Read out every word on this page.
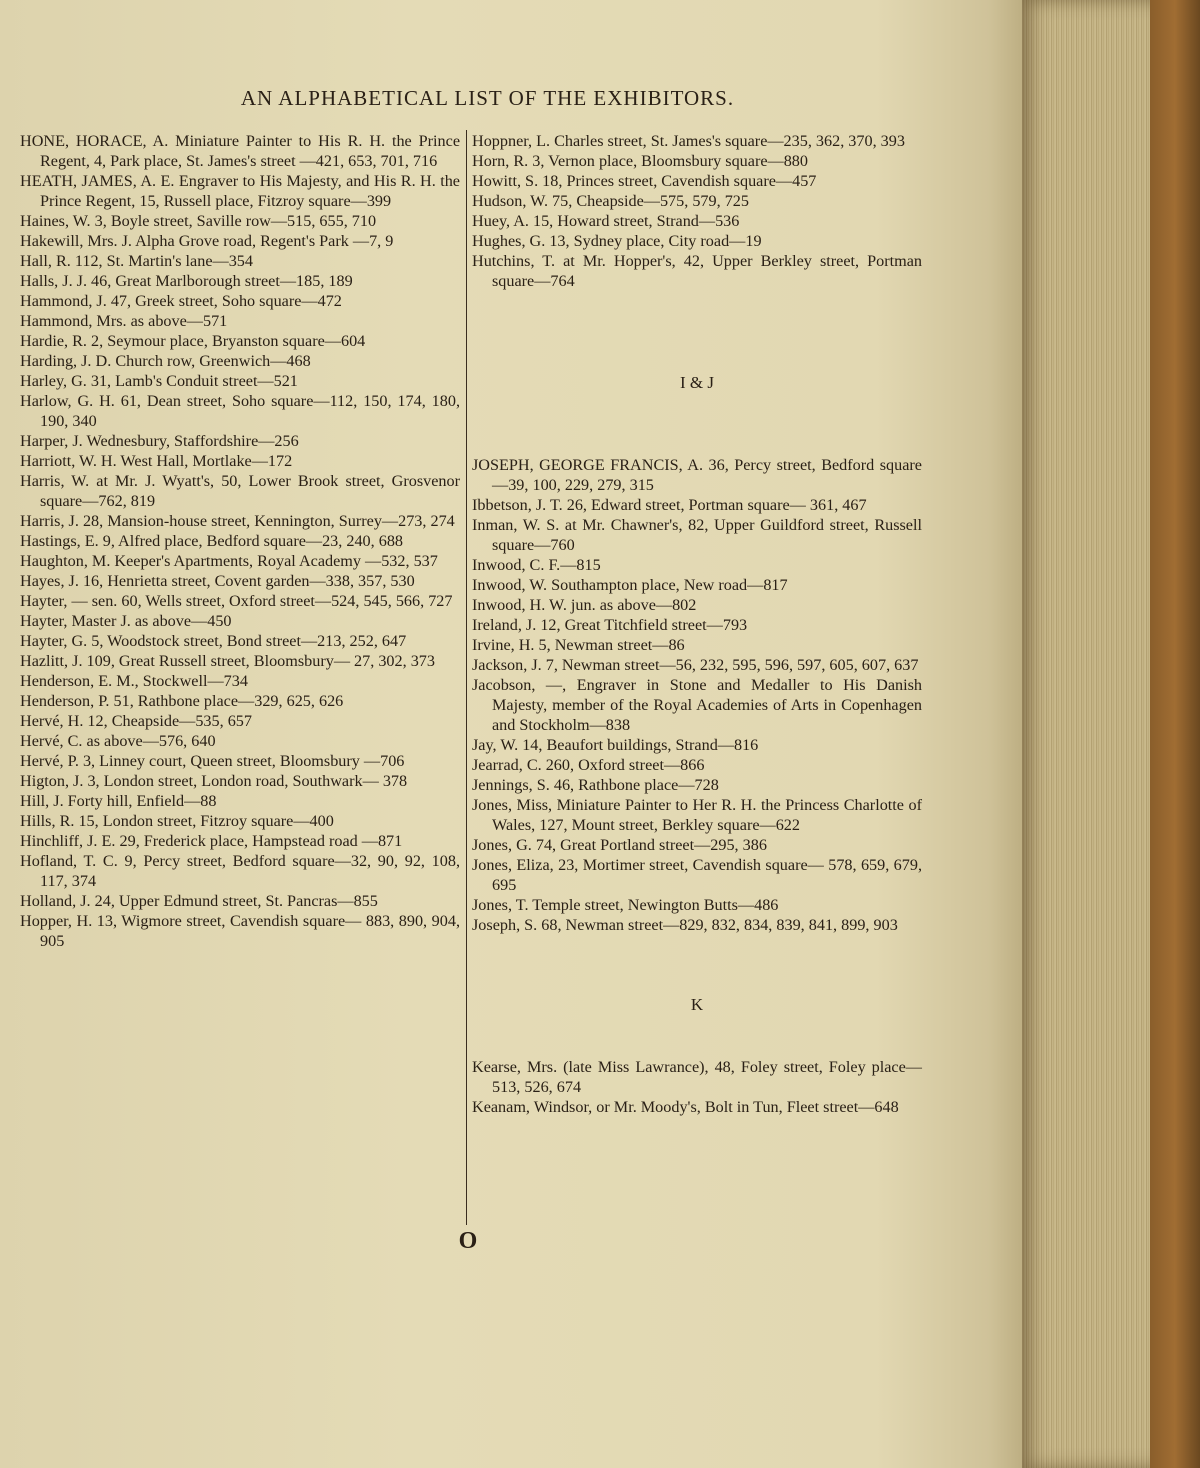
AN ALPHABETICAL LIST OF THE EXHIBITORS.

HONE, HORACE, A. Miniature Painter to His R. H. the Prince Regent, 4, Park place, St. James's street —421, 653, 701, 716

HEATH, JAMES, A. E. Engraver to His Majesty, and His R. H. the Prince Regent, 15, Russell place, Fitzroy square—399

Haines, W. 3, Boyle street, Saville row—515, 655, 710

Hakewill, Mrs. J. Alpha Grove road, Regent's Park —7, 9

Hall, R. 112, St. Martin's lane—354

Halls, J. J. 46, Great Marlborough street—185, 189

Hammond, J. 47, Greek street, Soho square—472

Hammond, Mrs. as above—571

Hardie, R. 2, Seymour place, Bryanston square—604

Harding, J. D. Church row, Greenwich—468

Harley, G. 31, Lamb's Conduit street—521

Harlow, G. H. 61, Dean street, Soho square—112, 150, 174, 180, 190, 340

Harper, J. Wednesbury, Staffordshire—256

Harriott, W. H. West Hall, Mortlake—172

Harris, W. at Mr. J. Wyatt's, 50, Lower Brook street, Grosvenor square—762, 819

Harris, J. 28, Mansion-house street, Kennington, Surrey—273, 274

Hastings, E. 9, Alfred place, Bedford square—23, 240, 688

Haughton, M. Keeper's Apartments, Royal Academy —532, 537

Hayes, J. 16, Henrietta street, Covent garden—338, 357, 530

Hayter, — sen. 60, Wells street, Oxford street—524, 545, 566, 727

Hayter, Master J. as above—450

Hayter, G. 5, Woodstock street, Bond street—213, 252, 647

Hazlitt, J. 109, Great Russell street, Bloomsbury— 27, 302, 373

Henderson, E. M., Stockwell—734

Henderson, P. 51, Rathbone place—329, 625, 626

Hervé, H. 12, Cheapside—535, 657

Hervé, C. as above—576, 640

Hervé, P. 3, Linney court, Queen street, Bloomsbury —706

Higton, J. 3, London street, London road, Southwark— 378

Hill, J. Forty hill, Enfield—88

Hills, R. 15, London street, Fitzroy square—400

Hinchliff, J. E. 29, Frederick place, Hampstead road —871

Hofland, T. C. 9, Percy street, Bedford square—32, 90, 92, 108, 117, 374

Holland, J. 24, Upper Edmund street, St. Pancras—855

Hopper, H. 13, Wigmore street, Cavendish square— 883, 890, 904, 905

Hoppner, L. Charles street, St. James's square—235, 362, 370, 393

Horn, R. 3, Vernon place, Bloomsbury square—880

Howitt, S. 18, Princes street, Cavendish square—457

Hudson, W. 75, Cheapside—575, 579, 725

Huey, A. 15, Howard street, Strand—536

Hughes, G. 13, Sydney place, City road—19

Hutchins, T. at Mr. Hopper's, 42, Upper Berkley street, Portman square—764

I & J

JOSEPH, GEORGE FRANCIS, A. 36, Percy street, Bedford square—39, 100, 229, 279, 315

Ibbetson, J. T. 26, Edward street, Portman square— 361, 467

Inman, W. S. at Mr. Chawner's, 82, Upper Guildford street, Russell square—760

Inwood, C. F.—815

Inwood, W. Southampton place, New road—817

Inwood, H. W. jun. as above—802

Ireland, J. 12, Great Titchfield street—793

Irvine, H. 5, Newman street—86

Jackson, J. 7, Newman street—56, 232, 595, 596, 597, 605, 607, 637

Jacobson, —, Engraver in Stone and Medaller to His Danish Majesty, member of the Royal Academies of Arts in Copenhagen and Stockholm—838

Jay, W. 14, Beaufort buildings, Strand—816

Jearrad, C. 260, Oxford street—866

Jennings, S. 46, Rathbone place—728

Jones, Miss, Miniature Painter to Her R. H. the Princess Charlotte of Wales, 127, Mount street, Berkley square—622

Jones, G. 74, Great Portland street—295, 386

Jones, Eliza, 23, Mortimer street, Cavendish square— 578, 659, 679, 695

Jones, T. Temple street, Newington Butts—486

Joseph, S. 68, Newman street—829, 832, 834, 839, 841, 899, 903

K

Kearse, Mrs. (late Miss Lawrance), 48, Foley street, Foley place—513, 526, 674

Keanam, Windsor, or Mr. Moody's, Bolt in Tun, Fleet street—648

O
